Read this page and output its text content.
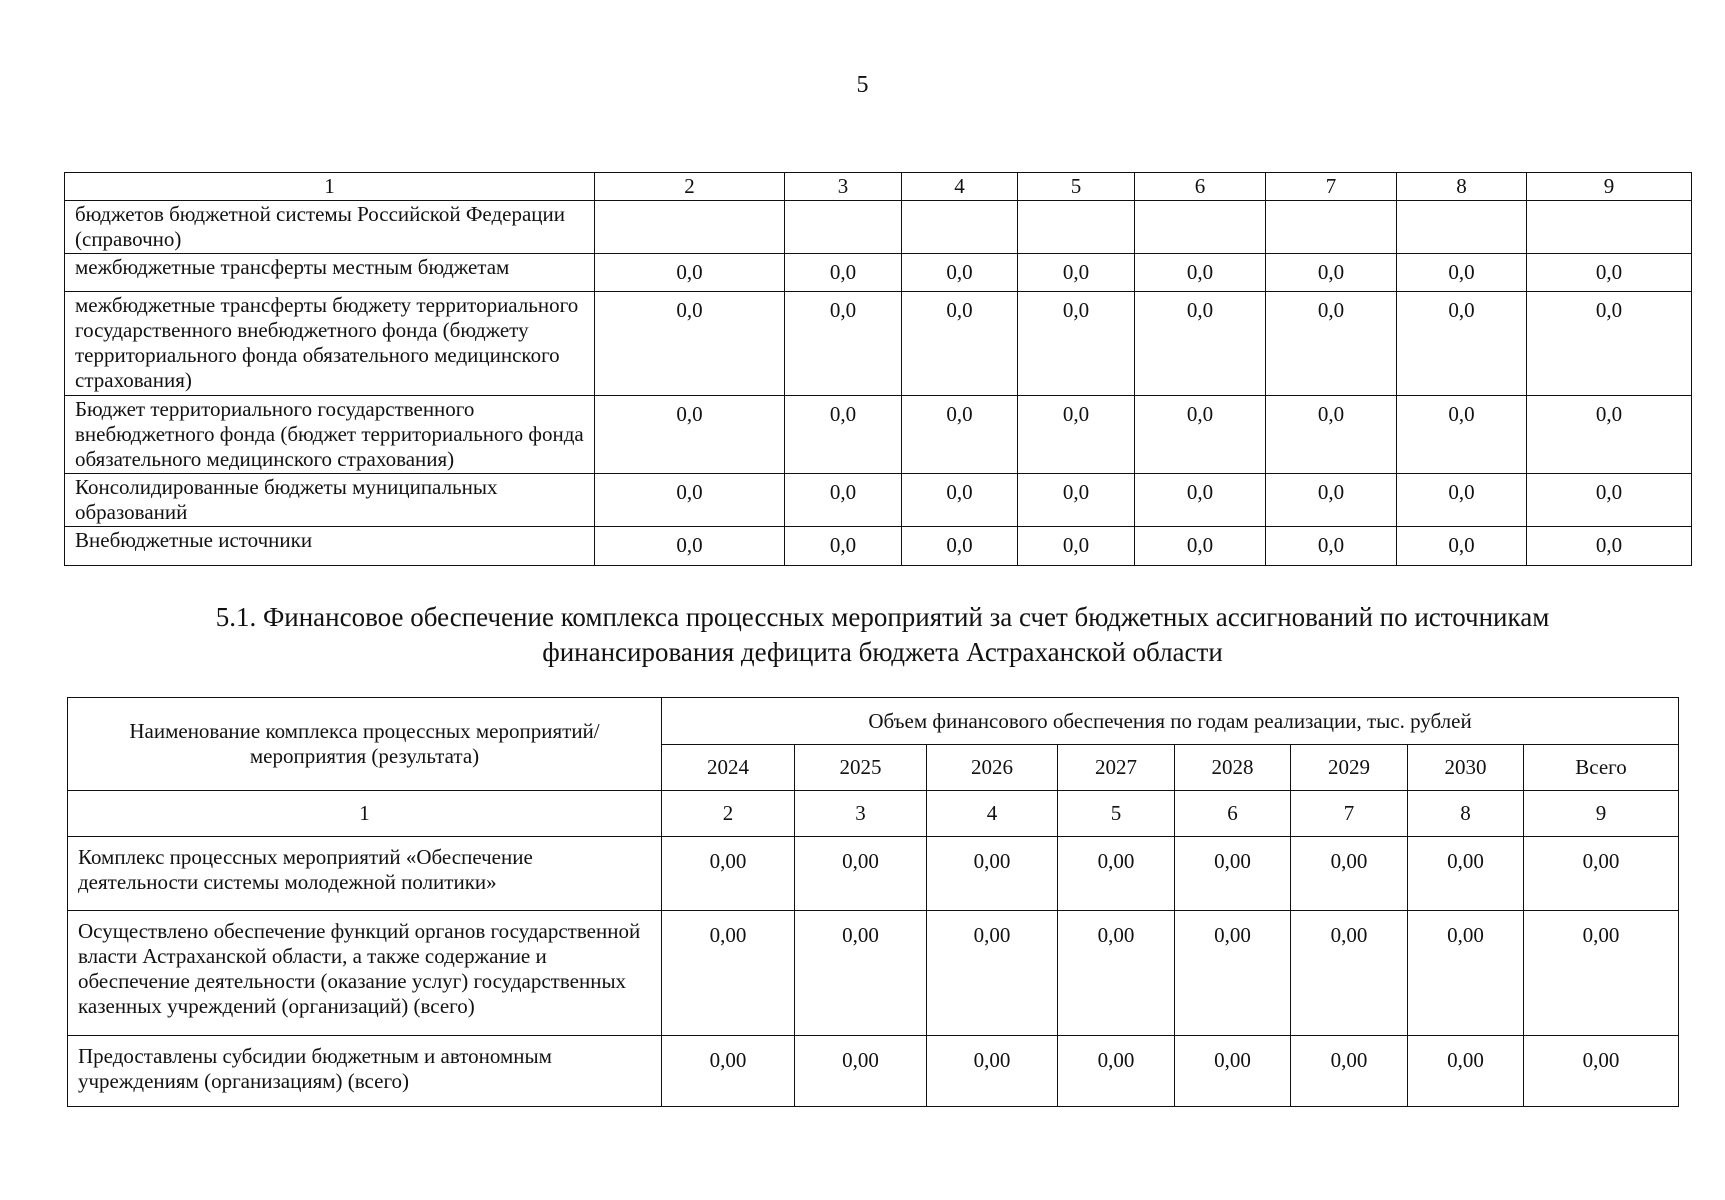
5
1	2	3	4	5	6	7	8	9
бюджетов бюджетной системы Российской Федерации (справочно)								
межбюджетные трансферты местным бюджетам	0,0	0,0	0,0	0,0	0,0	0,0	0,0	0,0
межбюджетные трансферты бюджету территориального государственного внебюджетного фонда (бюджету территориального фонда обязательного медицинского страхования)	0,0	0,0	0,0	0,0	0,0	0,0	0,0	0,0
Бюджет территориального государственного внебюджетного фонда (бюджет территориального фонда обязательного медицинского страхования)	0,0	0,0	0,0	0,0	0,0	0,0	0,0	0,0
Консолидированные бюджеты муниципальных образований	0,0	0,0	0,0	0,0	0,0	0,0	0,0	0,0
Внебюджетные источники	0,0	0,0	0,0	0,0	0,0	0,0	0,0	0,0
5.1. Финансовое обеспечение комплекса процессных мероприятий за счет бюджетных ассигнований по источникам
финансирования дефицита бюджета Астраханской области
Наименование комплекса процессных мероприятий/мероприятия (результата)	Объем финансового обеспечения по годам реализации, тыс. рублей							
	2024	2025	2026	2027	2028	2029	2030	Всего
1	2	3	4	5	6	7	8	9
Комплекс процессных мероприятий «Обеспечение деятельности системы молодежной политики»	0,00	0,00	0,00	0,00	0,00	0,00	0,00	0,00
Осуществлено обеспечение функций органов государственной власти Астраханской области, а также содержание и обеспечение деятельности (оказание услуг) государственных казенных учреждений (организаций) (всего)	0,00	0,00	0,00	0,00	0,00	0,00	0,00	0,00
Предоставлены субсидии бюджетным и автономным учреждениям (организациям) (всего)	0,00	0,00	0,00	0,00	0,00	0,00	0,00	0,00
